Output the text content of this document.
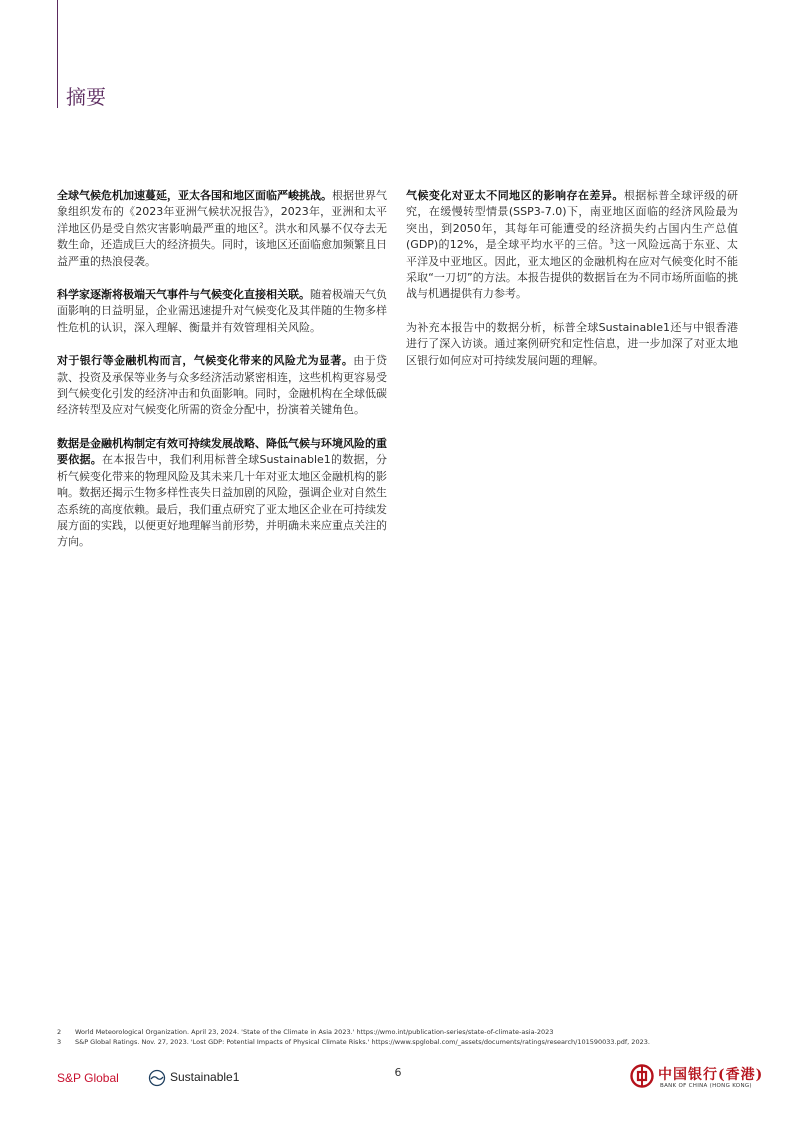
摘要

全球气候危机加速蔓延，亚太各国和地区面临严峻挑战。根据世界气象组织发布的《2023年亚洲气候状况报告》，2023年，亚洲和太平洋地区仍是受自然灾害影响最严重的地区$^2$。洪水和风暴不仅夺去无数生命，还造成巨大的经济损失。同时，该地区还面临愈加频繁且日益严重的热浪侵袭。

科学家逐渐将极端天气事件与气候变化直接相关联。随着极端天气负面影响的日益明显，企业需迅速提升对气候变化及其伴随的生物多样性危机的认识，深入理解、衡量并有效管理相关风险。

对于银行等金融机构而言，气候变化带来的风险尤为显著。由于贷款、投资及承保等业务与众多经济活动紧密相连，这些机构更容易受到气候变化引发的经济冲击和负面影响。同时，金融机构在全球低碳经济转型及应对气候变化所需的资金分配中，扮演着关键角色。

数据是金融机构制定有效可持续发展战略、降低气候与环境风险的重要依据。在本报告中，我们利用标普全球Sustainable1的数据，分析气候变化带来的物理风险及其未来几十年对亚太地区金融机构的影响。数据还揭示生物多样性丧失日益加剧的风险，强调企业对自然生态系统的高度依赖。最后，我们重点研究了亚太地区企业在可持续发展方面的实践，以便更好地理解当前形势，并明确未来应重点关注的方向。

气候变化对亚太不同地区的影响存在差异。根据标普全球评级的研究，在缓慢转型情景(SSP3-7.0)下，南亚地区面临的经济风险最为突出，到2050年，其每年可能遭受的经济损失约占国内生产总值(GDP)的12%，是全球平均水平的三倍。$^3$这一风险远高于东亚、太平洋及中亚地区。因此，亚太地区的金融机构在应对气候变化时不能采取“一刀切”的方法。本报告提供的数据旨在为不同市场所面临的挑战与机遇提供有力参考。

为补充本报告中的数据分析，标普全球Sustainable1还与中银香港进行了深入访谈。通过案例研究和定性信息，进一步加深了对亚太地区银行如何应对可持续发展问题的理解。

2 World Meteorological Organization. April 23, 2024. 'State of the Climate in Asia 2023.' https://wmo.int/publication-series/state-of-climate-asia-2023
3 S&P Global Ratings. Nov. 27, 2023. 'Lost GDP: Potential Impacts of Physical Climate Risks.' https://www.spglobal.com/_assets/documents/ratings/research/101590033.pdf, 2023.
S&P Global	Sustainable1	6	中国银行(香港)
BANK OF CHINA (HONG KONG)
